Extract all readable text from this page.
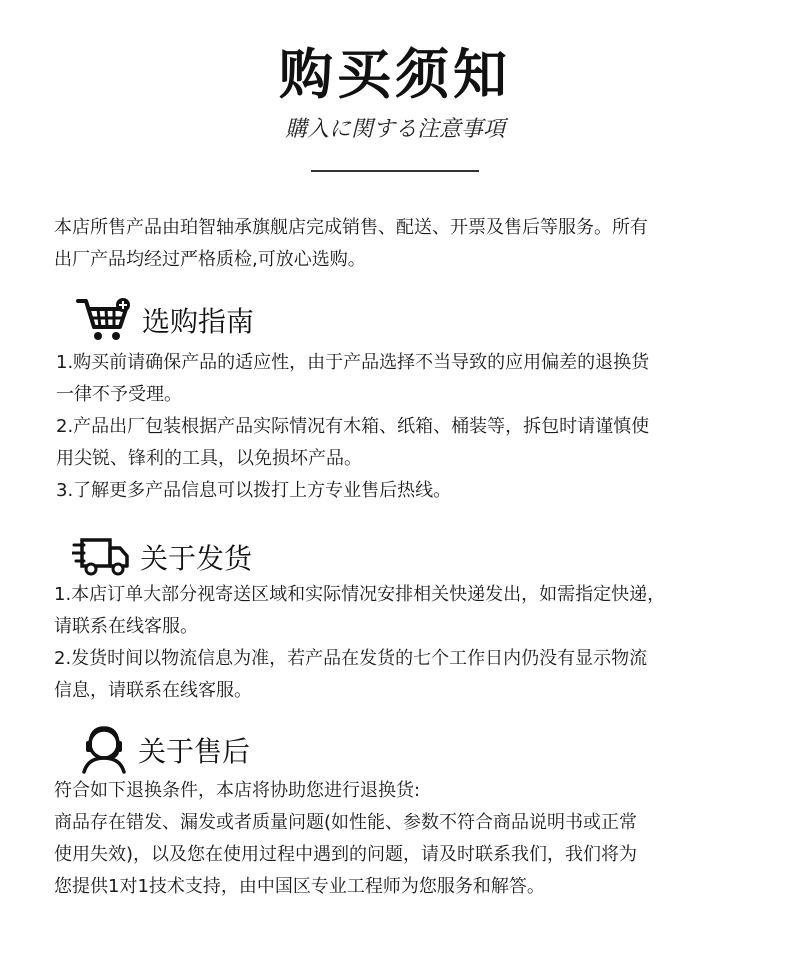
购买须知
購入に関する注意事項

本店所售产品由珀智轴承旗舰店完成销售、配送、开票及售后等服务。所有

出厂产品均经过严格质检,可放心选购。

选购指南

1.购买前请确保产品的适应性，由于产品选择不当导致的应用偏差的退换货

一律不予受理。

2.产品出厂包装根据产品实际情况有木箱、纸箱、桶装等，拆包时请谨慎使

用尖锐、锋利的工具，以免损坏产品。

3.了解更多产品信息可以拨打上方专业售后热线。

关于发货

1.本店订单大部分视寄送区域和实际情况安排相关快递发出，如需指定快递，

请联系在线客服。

2.发货时间以物流信息为准，若产品在发货的七个工作日内仍没有显示物流

信息，请联系在线客服。

关于售后

符合如下退换条件，本店将协助您进行退换货:

商品存在错发、漏发或者质量问题(如性能、参数不符合商品说明书或正常

使用失效)，以及您在使用过程中遇到的问题，请及时联系我们，我们将为

您提供1对1技术支持，由中国区专业工程师为您服务和解答。
